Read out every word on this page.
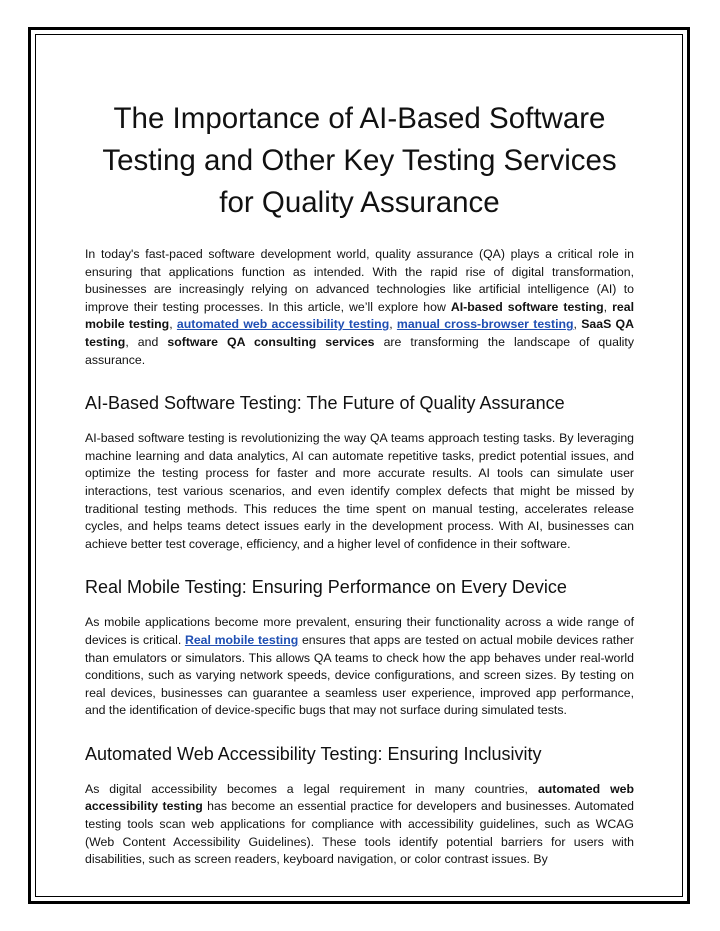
The Importance of AI-Based Software Testing and Other Key Testing Services for Quality Assurance

In today's fast-paced software development world, quality assurance (QA) plays a critical role in ensuring that applications function as intended. With the rapid rise of digital transformation, businesses are increasingly relying on advanced technologies like artificial intelligence (AI) to improve their testing processes. In this article, we’ll explore how AI-based software testing, real mobile testing, automated web accessibility testing, manual cross-browser testing, SaaS QA testing, and software QA consulting services are transforming the landscape of quality assurance.

AI-Based Software Testing: The Future of Quality Assurance

AI-based software testing is revolutionizing the way QA teams approach testing tasks. By leveraging machine learning and data analytics, AI can automate repetitive tasks, predict potential issues, and optimize the testing process for faster and more accurate results. AI tools can simulate user interactions, test various scenarios, and even identify complex defects that might be missed by traditional testing methods. This reduces the time spent on manual testing, accelerates release cycles, and helps teams detect issues early in the development process. With AI, businesses can achieve better test coverage, efficiency, and a higher level of confidence in their software.

Real Mobile Testing: Ensuring Performance on Every Device

As mobile applications become more prevalent, ensuring their functionality across a wide range of devices is critical. Real mobile testing ensures that apps are tested on actual mobile devices rather than emulators or simulators. This allows QA teams to check how the app behaves under real-world conditions, such as varying network speeds, device configurations, and screen sizes. By testing on real devices, businesses can guarantee a seamless user experience, improved app performance, and the identification of device-specific bugs that may not surface during simulated tests.

Automated Web Accessibility Testing: Ensuring Inclusivity

As digital accessibility becomes a legal requirement in many countries, automated web accessibility testing has become an essential practice for developers and businesses. Automated testing tools scan web applications for compliance with accessibility guidelines, such as WCAG (Web Content Accessibility Guidelines). These tools identify potential barriers for users with disabilities, such as screen readers, keyboard navigation, or color contrast issues. By
